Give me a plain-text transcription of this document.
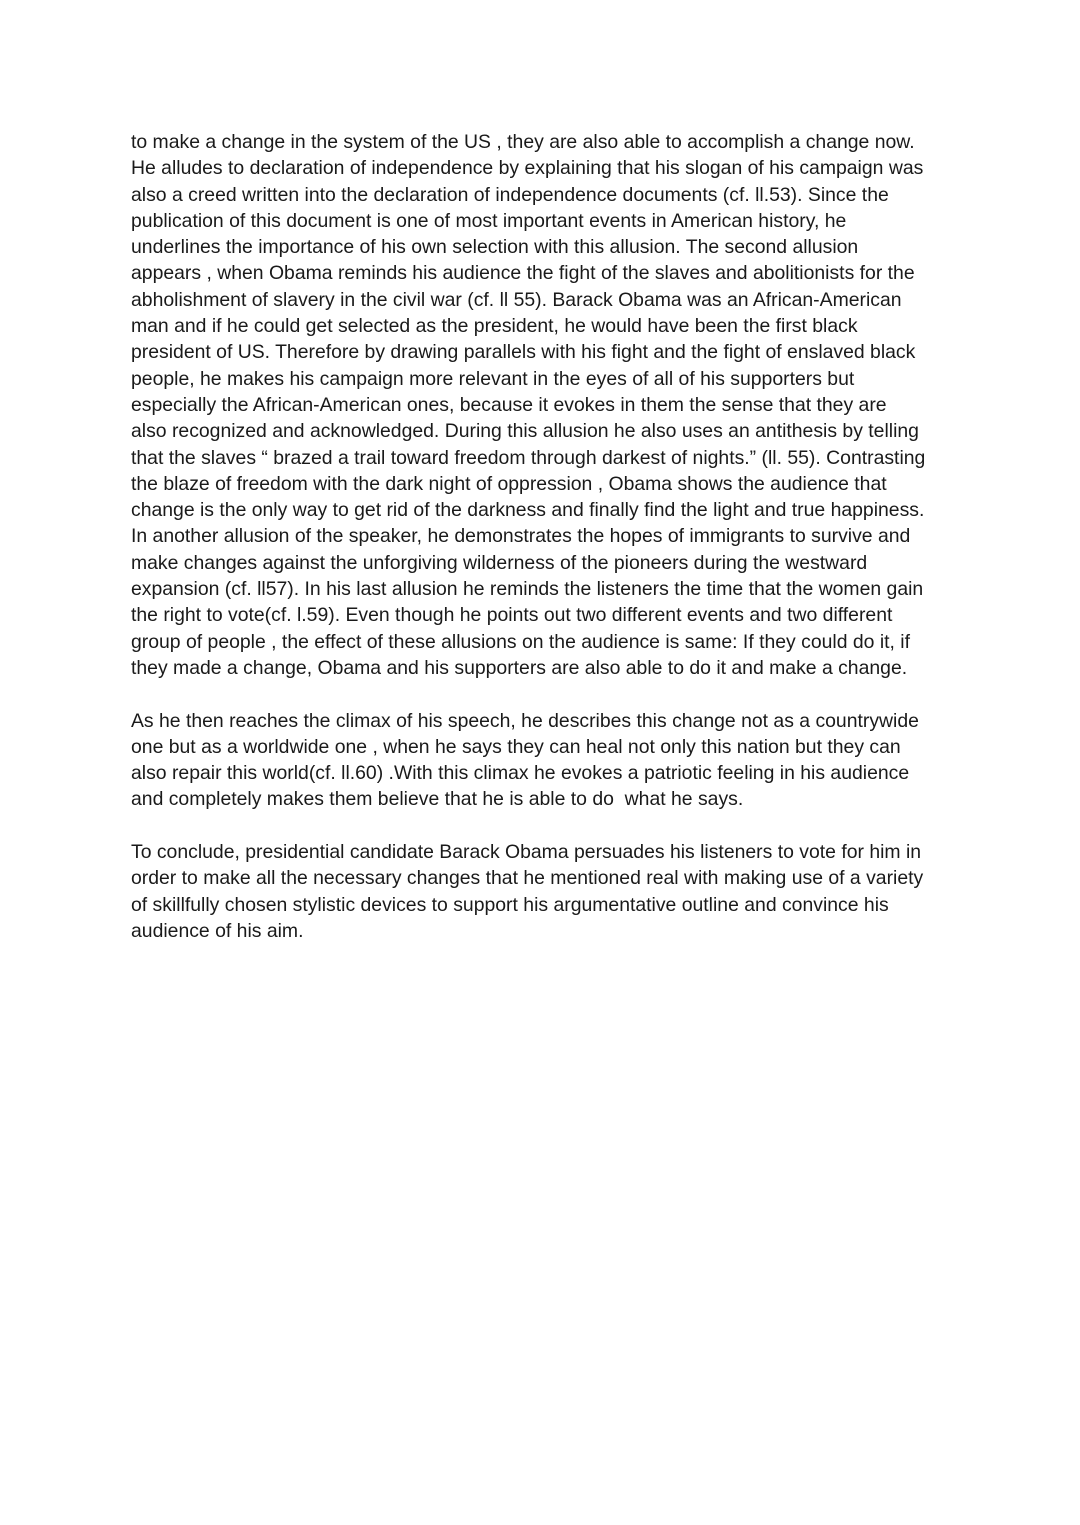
to make a change in the system of the US , they are also able to accomplish a change now.
He alludes to declaration of independence by explaining that his slogan of his campaign was
also a creed written into the declaration of independence documents (cf. ll.53). Since the
publication of this document is one of most important events in American history, he
underlines the importance of his own selection with this allusion. The second allusion
appears , when Obama reminds his audience the fight of the slaves and abolitionists for the
abholishment of slavery in the civil war (cf. ll 55). Barack Obama was an African-American
man and if he could get selected as the president, he would have been the first black
president of US. Therefore by drawing parallels with his fight and the fight of enslaved black
people, he makes his campaign more relevant in the eyes of all of his supporters but
especially the African-American ones, because it evokes in them the sense that they are
also recognized and acknowledged. During this allusion he also uses an antithesis by telling
that the slaves “ brazed a trail toward freedom through darkest of nights.” (ll. 55). Contrasting
the blaze of freedom with the dark night of oppression , Obama shows the audience that
change is the only way to get rid of the darkness and finally find the light and true happiness.
In another allusion of the speaker, he demonstrates the hopes of immigrants to survive and
make changes against the unforgiving wilderness of the pioneers during the westward
expansion (cf. ll57). In his last allusion he reminds the listeners the time that the women gain
the right to vote(cf. l.59). Even though he points out two different events and two different
group of people , the effect of these allusions on the audience is same: If they could do it, if
they made a change, Obama and his supporters are also able to do it and make a change.
As he then reaches the climax of his speech, he describes this change not as a countrywide
one but as a worldwide one , when he says they can heal not only this nation but they can
also repair this world(cf. ll.60) .With this climax he evokes a patriotic feeling in his audience
and completely makes them believe that he is able to do  what he says.
To conclude, presidential candidate Barack Obama persuades his listeners to vote for him in
order to make all the necessary changes that he mentioned real with making use of a variety
of skillfully chosen stylistic devices to support his argumentative outline and convince his
audience of his aim.
